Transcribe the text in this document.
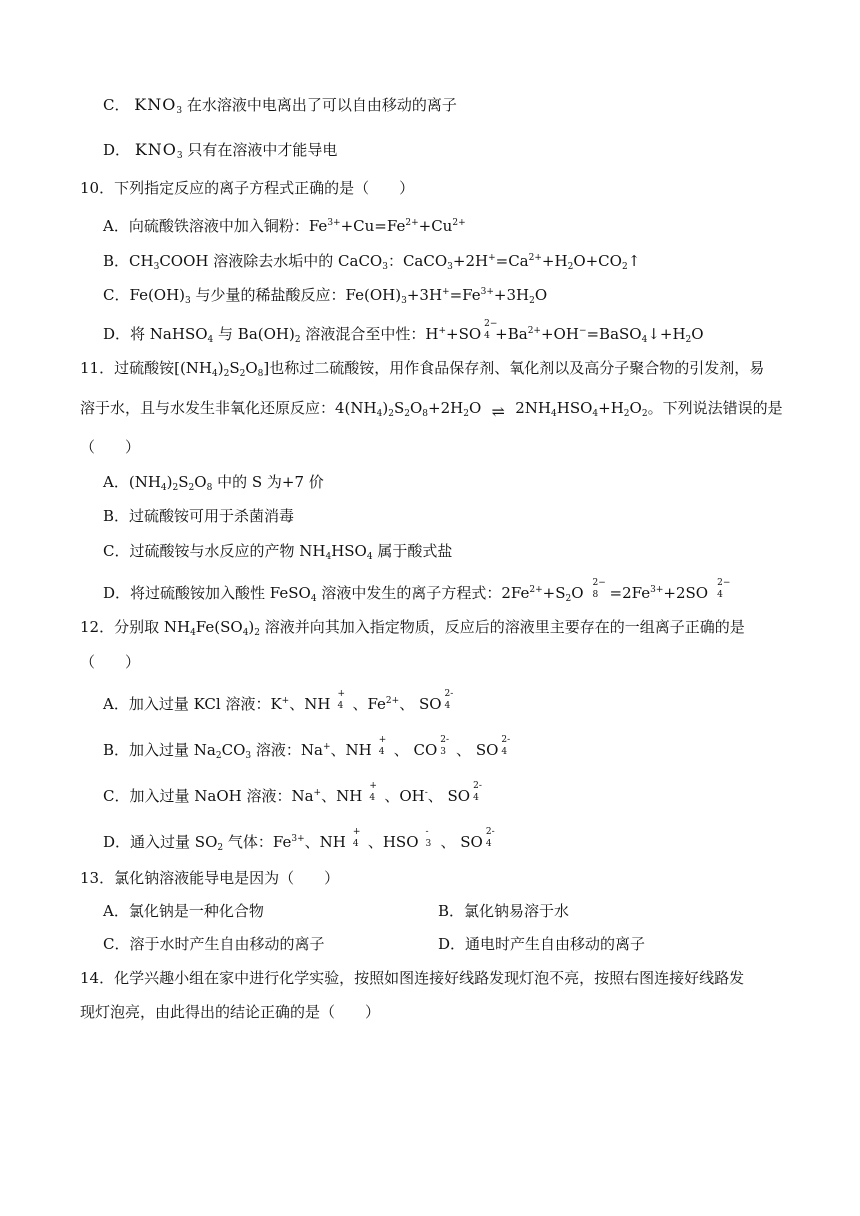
C． $KNO_3$ 在水溶液中电离出了可以自由移动的离子
D． $KNO_3$ 只有在溶液中才能导电
10．下列指定反应的离子方程式正确的是（　　）
A．向硫酸铁溶液中加入铜粉：$Fe^{3+}+Cu=Fe^{2+}+Cu^{2+}$
B．$CH_3COOH$ 溶液除去水垢中的 CaCO$_3$：$CaCO_3+2H^+=Ca^{2+}+H_2O+CO_2↑$
C．$Fe(OH)_3$ 与少量的稀盐酸反应：$Fe(OH)_3+3H^+=Fe^{3+}+3H_2O$
D．将 NaHSO$_4$ 与 $Ba(OH)_2$ 溶液混合至中性：H++SO
2−
$4 +Ba^{2+}+OH^-=BaSO_4↓+H_2O$
11．过硫酸铵$[(NH_4)_2S_2O_8]$也称过二硫酸铵，用作食品保存剂、氧化剂以及高分子聚合物的引发剂，易
溶于水，且与水发生非氧化还原反应：$4(NH_4)_2S_2O_8+2H_2O$ ⇌ $2NH_4HSO_4+H_2O_2$。下列说法错误的是
（　　）
A．$(NH_4)_2S_2O_8$ 中的 S 为+7 价
B．过硫酸铵可用于杀菌消毒
C．过硫酸铵与水反应的产物 $NH_4HSO_4$ 属于酸式盐
D．将过硫酸铵加入酸性 FeSO$_4$ 溶液中发生的离子方程式：$2Fe^{2+}+S_2O$
2−
$8 =2Fe^{3+}+2SO$
2−
4
12．分别取 $NH_4Fe(SO_4)_2$ 溶液并向其加入指定物质，反应后的溶液里主要存在的一组离子正确的是
（　　）
A．加入过量 KCl 溶液：K+、NH
+
4 、$Fe^{2+}$、 SO
2-
4
B．加入过量 $Na_2CO_3$ 溶液：Na+、NH
+
4 、 CO
2-
3 、 SO
2-
4
C．加入过量 NaOH 溶液：Na+、NH
+
4 、OH-、 SO
2-
4
D．通入过量 $SO_2$ 气体：$Fe^{3+}$、NH
+
4 、HSO
-
3 、 SO
2-
4
13．氯化钠溶液能导电是因为（　　）
A．氯化钠是一种化合物	B．氯化钠易溶于水
C．溶于水时产生自由移动的离子	D．通电时产生自由移动的离子
14．化学兴趣小组在家中进行化学实验，按照如图连接好线路发现灯泡不亮，按照右图连接好线路发
现灯泡亮，由此得出的结论正确的是（　　）
